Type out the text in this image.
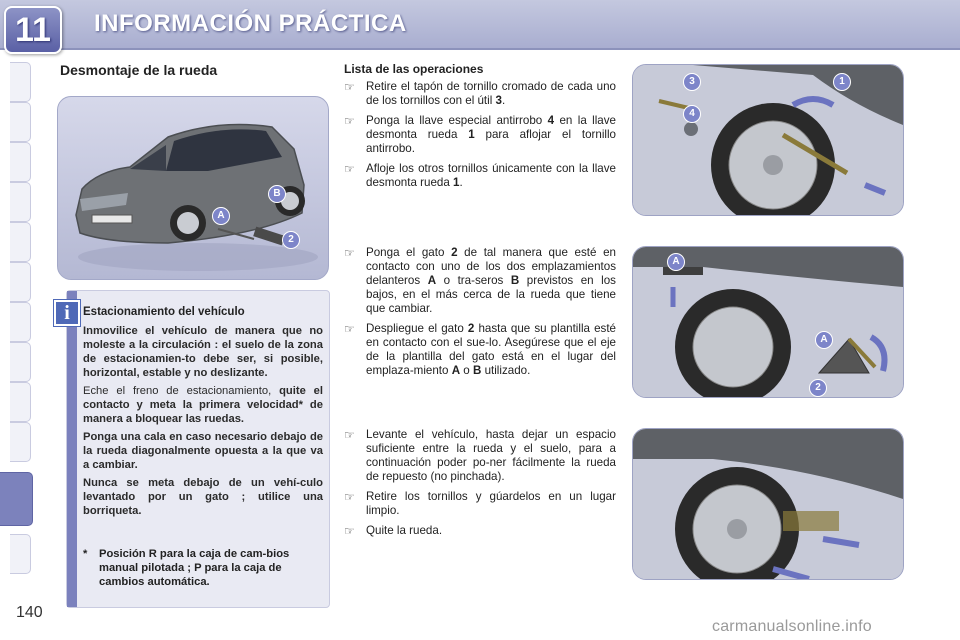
11	INFORMACIÓN PRÁCTICA
Desmontaje de la rueda
A
B
2
Estacionamiento del vehículo

Inmovilice el vehículo de manera que no moleste a la circulación : el suelo de la zona de estacionamien-to debe ser, si posible, horizontal, estable y no deslizante.

Eche el freno de estacionamiento, quite el contacto y meta la primera velocidad* de manera a bloquear las ruedas.

Ponga una cala en caso necesario debajo de la rueda diagonalmente opuesta a la que va a cambiar.

Nunca se meta debajo de un vehí-culo levantado por un gato ; utilice una borriqueta.

* Posición R para la caja de cam-bios manual pilotada ; P para la caja de cambios automática.
i
Lista de las operaciones
☞ Retire el tapón de tornillo cromado de cada uno de los tornillos con el útil 3.
☞ Ponga la llave especial antirrobo 4 en la llave desmonta rueda 1 para aflojar el tornillo antirrobo.
☞ Afloje los otros tornillos únicamente con la llave desmonta rueda 1.
☞ Ponga el gato 2 de tal manera que esté en contacto con uno de los dos emplazamientos delanteros A o tra-seros B previstos en los bajos, en el más cerca de la rueda que tiene que cambiar.
☞ Despliegue el gato 2 hasta que su plantilla esté en contacto con el sue-lo. Asegúrese que el eje de la plantilla del gato está en el lugar del emplaza-miento A o B utilizado.
☞ Levante el vehículo, hasta dejar un espacio suficiente entre la rueda y el suelo, para a continuación poder po-ner fácilmente la rueda de repuesto (no pinchada).
☞ Retire los tornillos y gúardelos en un lugar limpio.
☞ Quite la rueda.
3	1
4
A
A
2
140
carmanualsonline.info
